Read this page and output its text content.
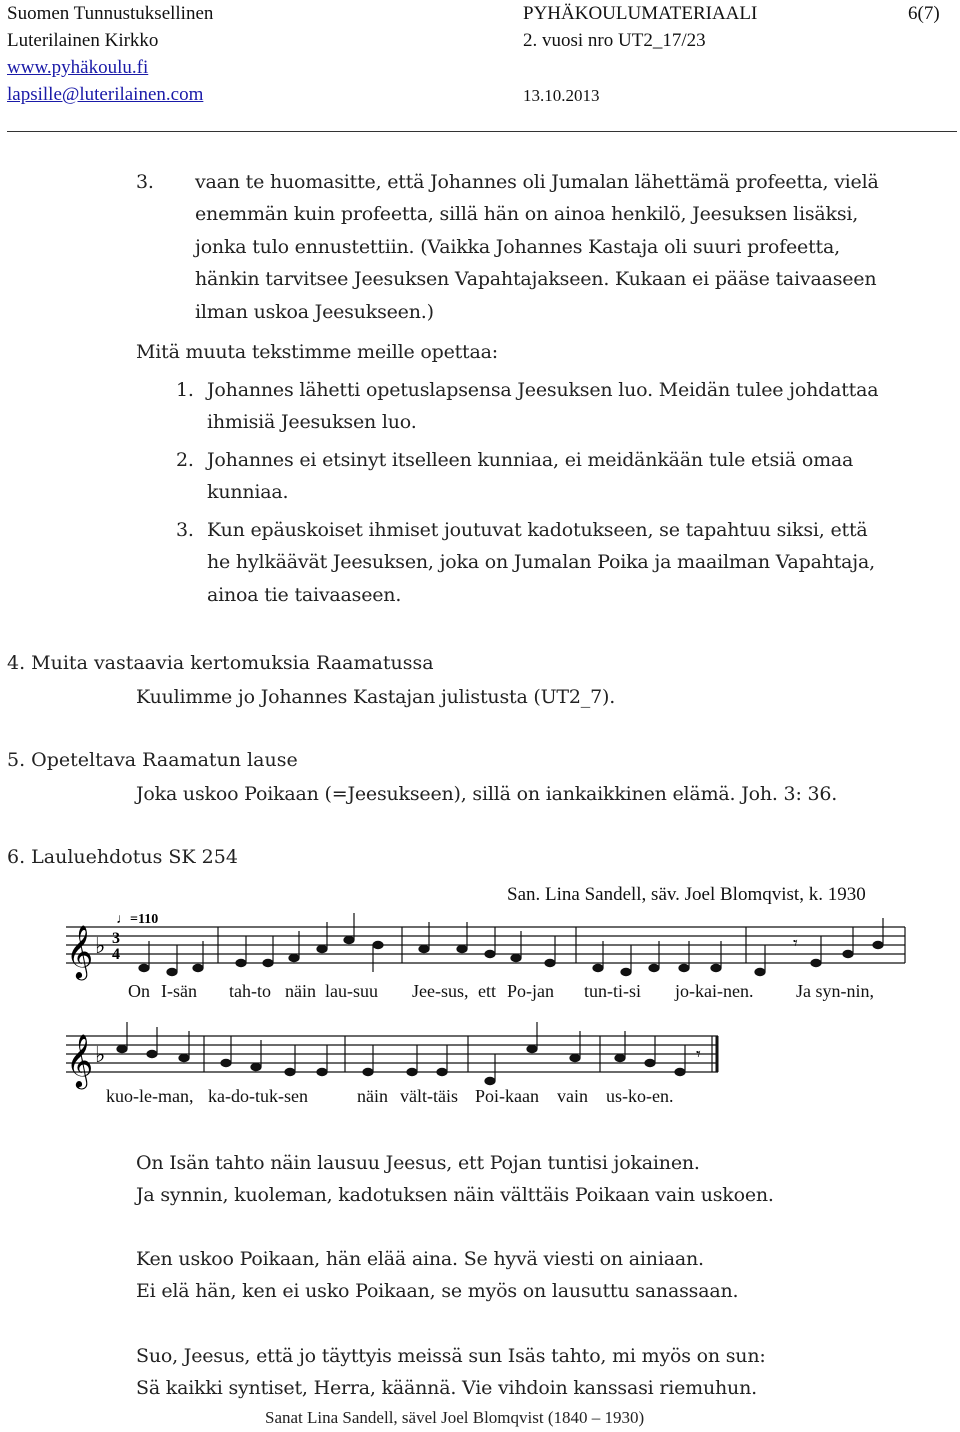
Suomen Tunnustuksellinen
Luterilainen Kirkko
www.pyhäkoulu.fi
lapsille@luterilainen.com
PYHÄKOULUMATERIAALI
2. vuosi nro UT2_17/23
13.10.2013
6(7)
3. vaan te huomasitte, että Johannes oli Jumalan lähettämä profeetta, vielä
enemmän kuin profeetta, sillä hän on ainoa henkilö, Jeesuksen lisäksi,
jonka tulo ennustettiin. (Vaikka Johannes Kastaja oli suuri profeetta,
hänkin tarvitsee Jeesuksen Vapahtajakseen. Kukaan ei pääse taivaaseen
ilman uskoa Jeesukseen.)
Mitä muuta tekstimme meille opettaa:
1. Johannes lähetti opetuslapsensa Jeesuksen luo. Meidän tulee johdattaa
ihmisiä Jeesuksen luo.
2. Johannes ei etsinyt itselleen kunniaa, ei meidänkään tule etsiä omaa
kunniaa.
3. Kun epäuskoiset ihmiset joutuvat kadotukseen, se tapahtuu siksi, että
he hylkäävät Jeesuksen, joka on Jumalan Poika ja maailman Vapahtaja,
ainoa tie taivaaseen.
4. Muita vastaavia kertomuksia Raamatussa
Kuulimme jo Johannes Kastajan julistusta (UT2_7).
5. Opeteltava Raamatun lause
Joka uskoo Poikaan (=Jeesukseen), sillä on iankaikkinen elämä. Joh. 3: 36.
6. Lauluehdotus SK 254
San. Lina Sandell, säv. Joel Blomqvist, k. 1930
𝄞 ♭ 3
4
♩=110
𝄾
On I-sän tah-to näin lau-suu Jee-sus, ett Po-jan tun-ti-si jo-kai-nen. Ja syn-nin,
𝄞 ♭	𝄾
kuo-le-man, ka-do-tuk-sen	näin vält-täis Poi-kaan vain us-ko-en.
On Isän tahto näin lausuu Jeesus, ett Pojan tuntisi jokainen.
Ja synnin, kuoleman, kadotuksen näin välttäis Poikaan vain uskoen.
Ken uskoo Poikaan, hän elää aina. Se hyvä viesti on ainiaan.
Ei elä hän, ken ei usko Poikaan, se myös on lausuttu sanassaan.
Suo, Jeesus, että jo täyttyis meissä sun Isäs tahto, mi myös on sun:
Sä kaikki syntiset, Herra, käännä. Vie vihdoin kanssasi riemuhun.
Sanat Lina Sandell, sävel Joel Blomqvist (1840 – 1930)
